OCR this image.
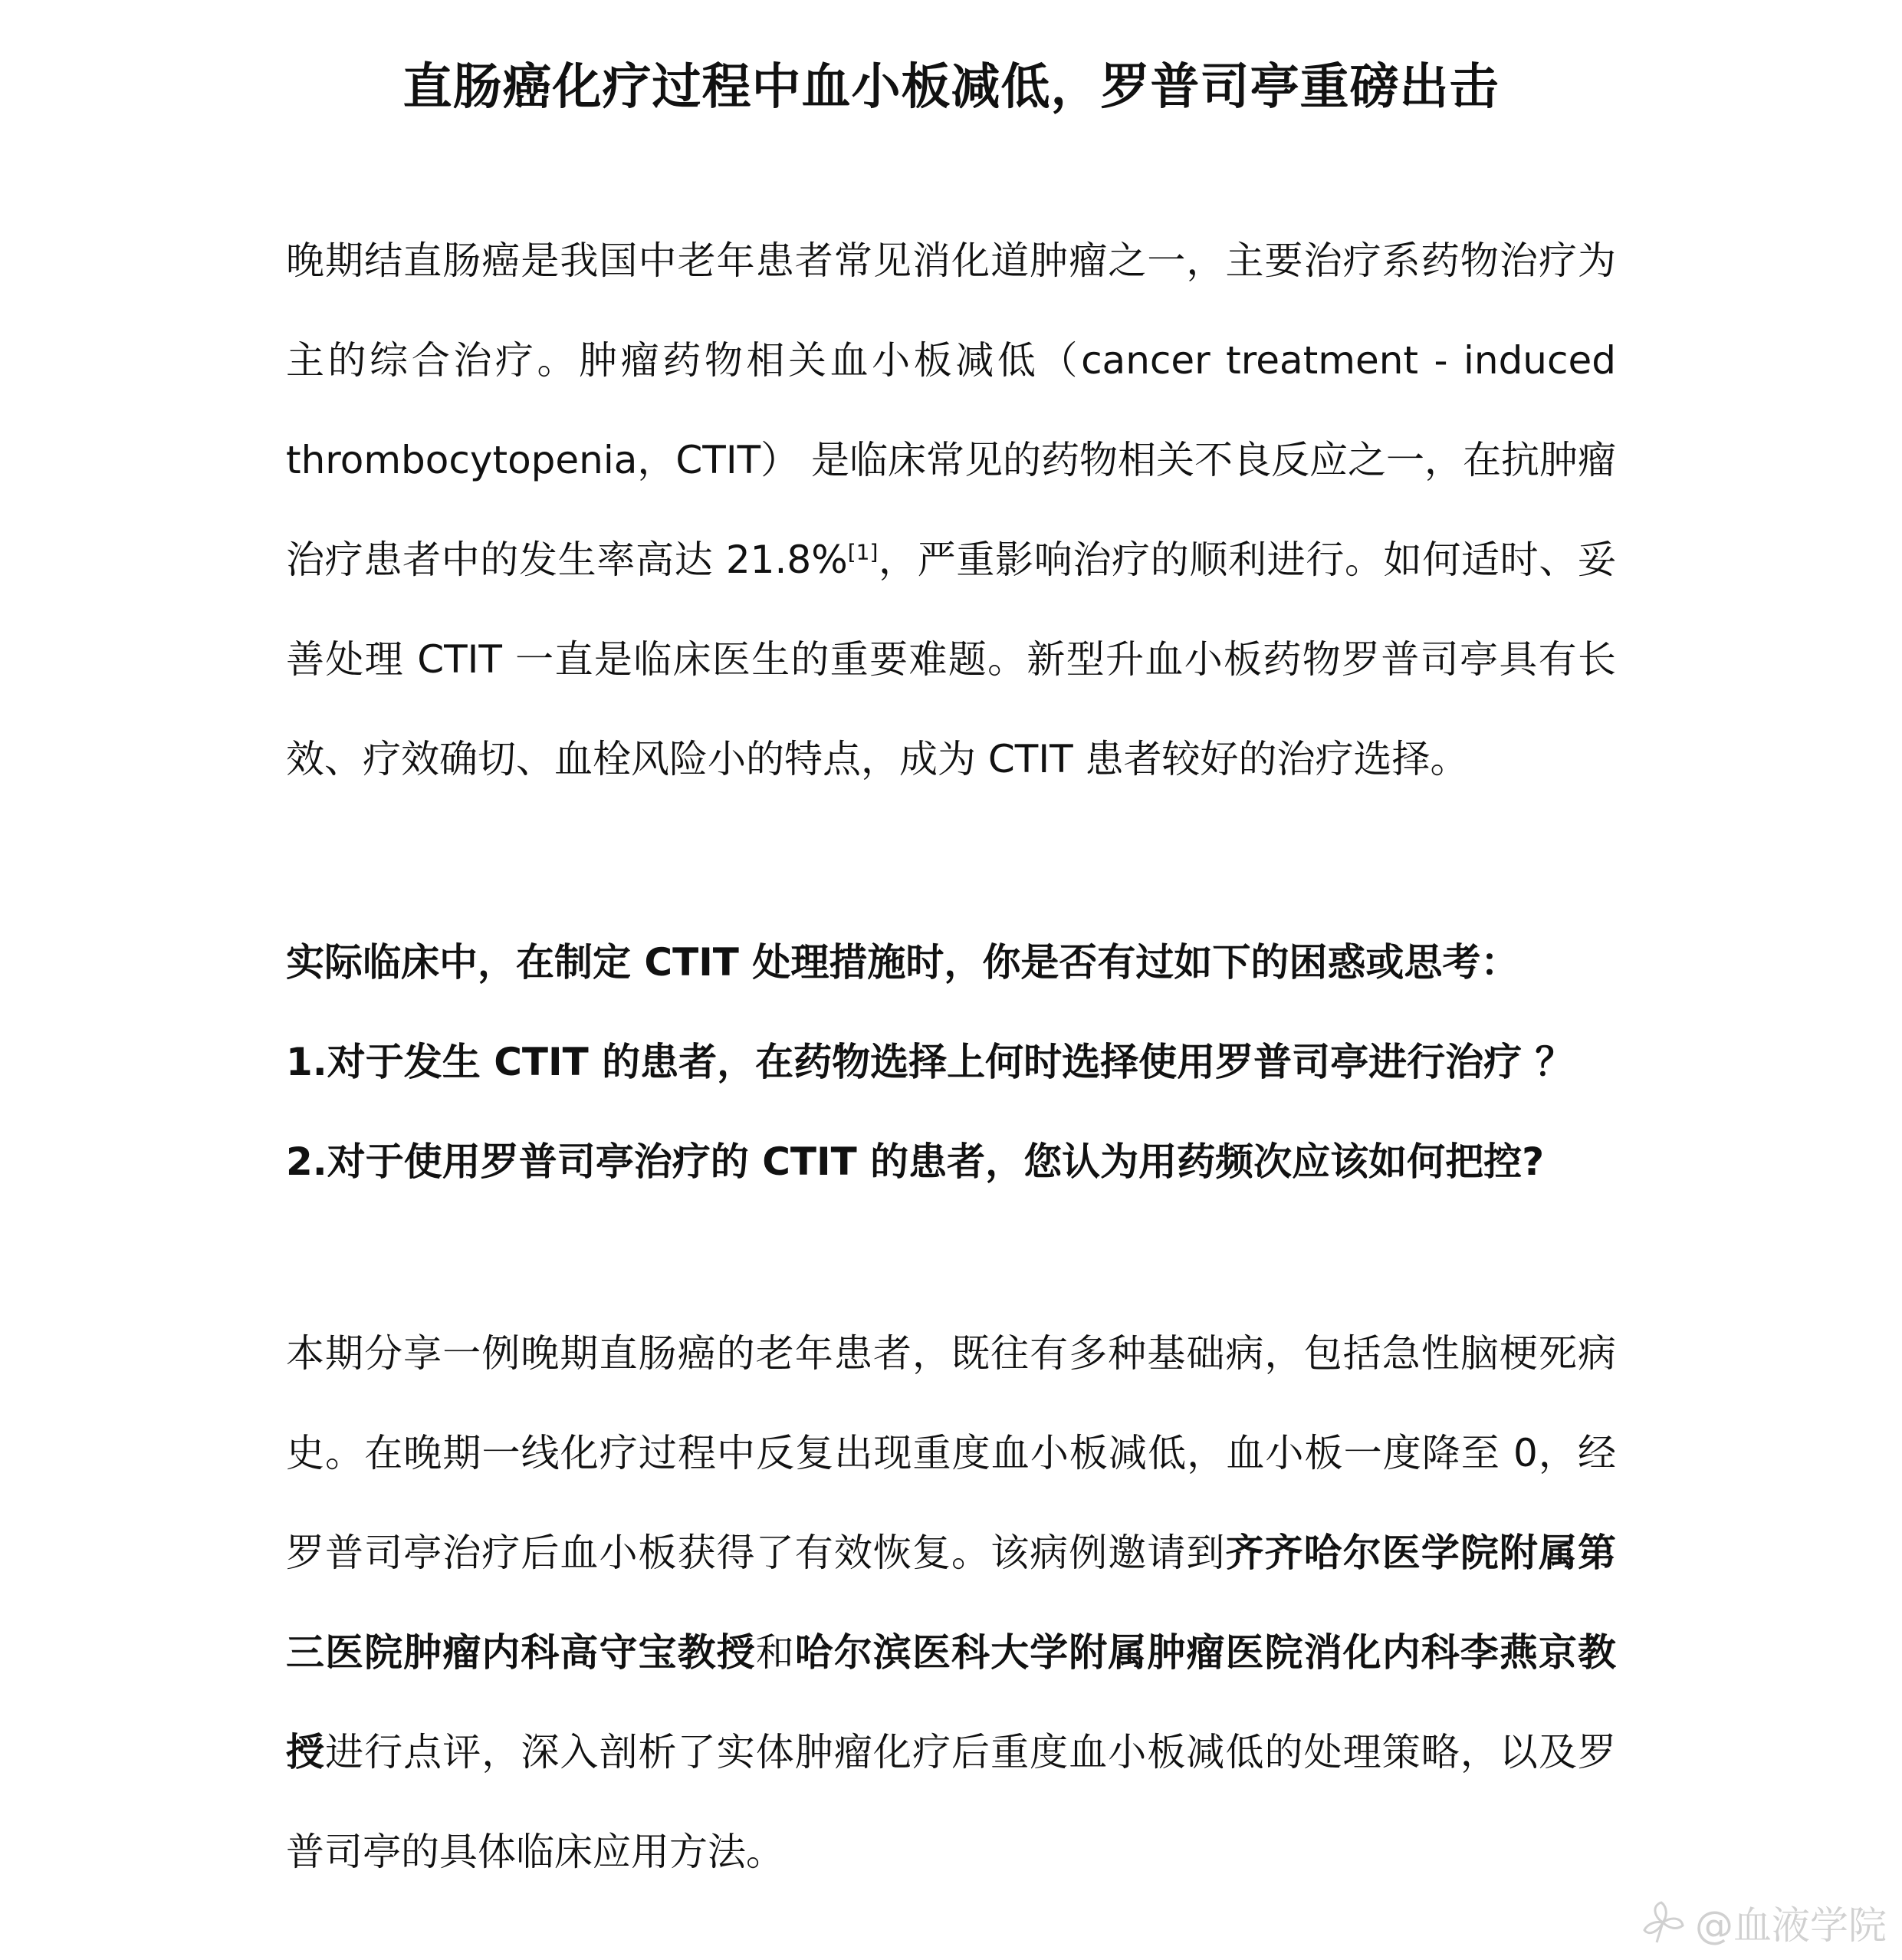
直肠癌化疗过程中血小板减低，罗普司亭重磅出击

晚期结直肠癌是我国中老年患者常见消化道肿瘤之一，主要治疗系药物治疗为主的综合治疗。肿瘤药物相关血小板减低（cancer treatment - induced thrombocytopenia，CTIT） 是临床常见的药物相关不良反应之一，在抗肿瘤治疗患者中的发生率高达 21.8%[1]，严重影响治疗的顺利进行。如何适时、妥善处理 CTIT 一直是临床医生的重要难题。新型升血小板药物罗普司亭具有长效、疗效确切、血栓风险小的特点，成为 CTIT 患者较好的治疗选择。

实际临床中，在制定 CTIT 处理措施时，你是否有过如下的困惑或思考：
1.对于发生 CTIT 的患者，在药物选择上何时选择使用罗普司亭进行治疗 ？
2.对于使用罗普司亭治疗的 CTIT 的患者，您认为用药频次应该如何把控?

本期分享一例晚期直肠癌的老年患者，既往有多种基础病，包括急性脑梗死病史。在晚期一线化疗过程中反复出现重度血小板减低，血小板一度降至 0，经罗普司亭治疗后血小板获得了有效恢复。该病例邀请到齐齐哈尔医学院附属第三医院肿瘤内科高守宝教授和哈尔滨医科大学附属肿瘤医院消化内科李燕京教授进行点评，深入剖析了实体肿瘤化疗后重度血小板减低的处理策略，以及罗普司亭的具体临床应用方法。

@血液学院
